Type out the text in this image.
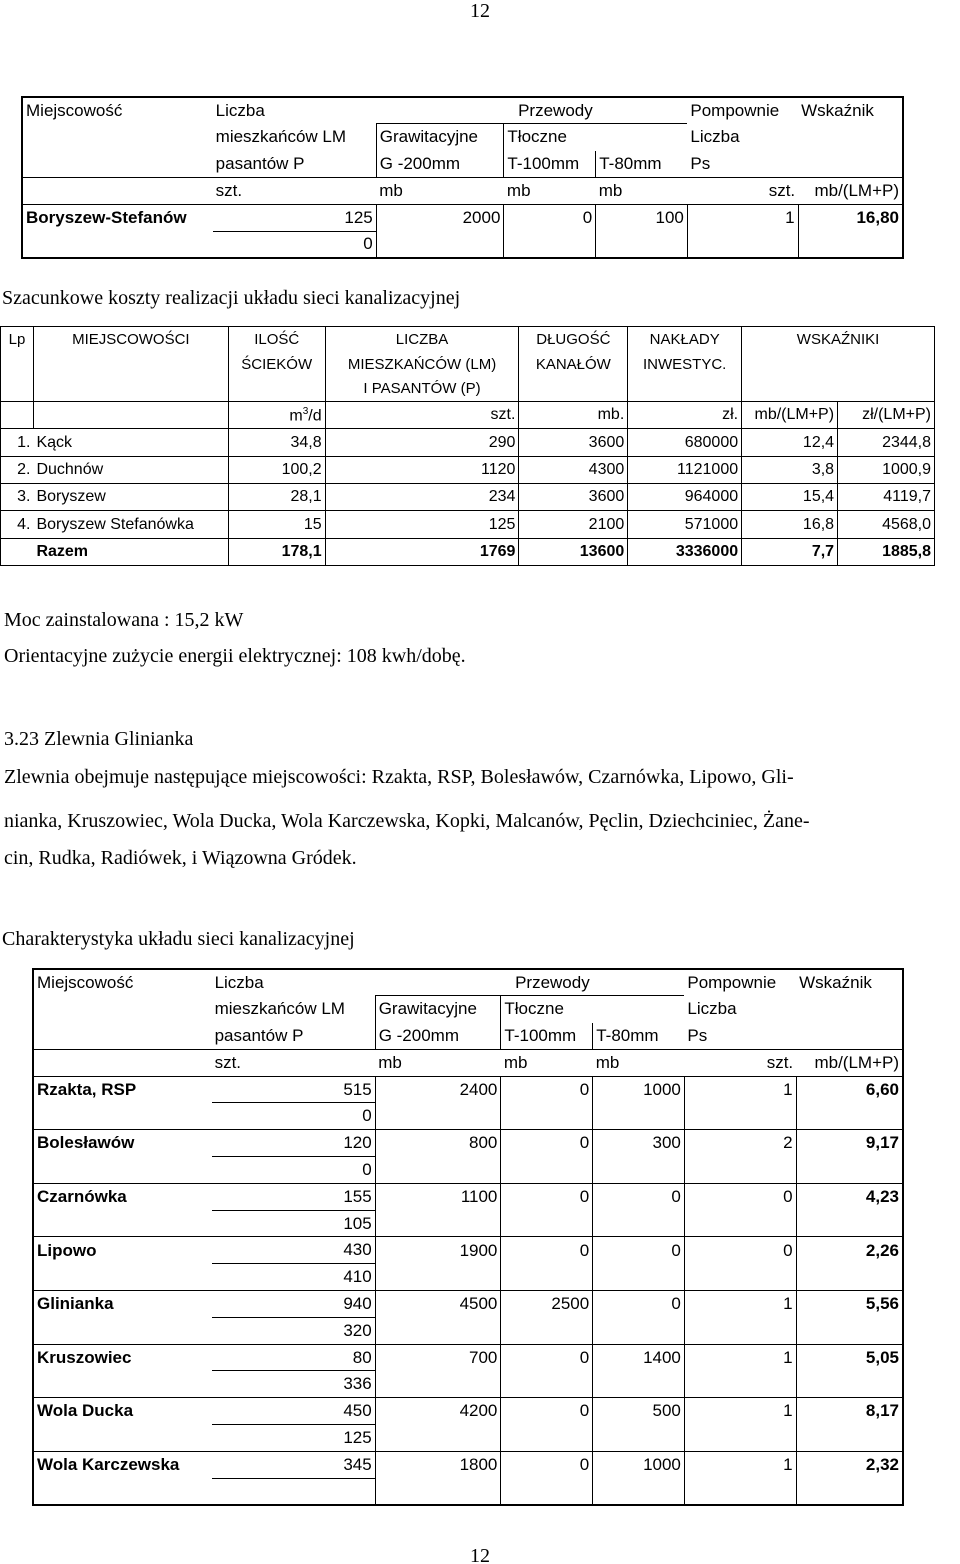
12
Miejscowość	Liczba		Przewody		Pompownie	Wskaźnik
	mieszkańców LM	Grawitacyjne	Tłoczne		Liczba	
	pasantów P	G -200mm	T-100mm	T-80mm	Ps	
	szt.	mb	mb	mb	szt.	mb/(LM+P)
Boryszew-Stefanów	125	2000	0	100	1	16,80
	0					
Szacunkowe koszty realizacji układu sieci kanalizacyjnej
Lp	MIEJSCOWOŚCI	ILOŚĆ	LICZBA	DŁUGOŚĆ	NAKŁADY	WSKAŹNIKI	
		ŚCIEKÓW	MIESZKAŃCÓW (LM)	KANAŁÓW	INWESTYC.		
			I PASANTÓW (P)				
		$m^3/d$	szt.	mb.	zł.	mb/(LM+P)	zł/(LM+P)
1.	Kąck	34,8	290	3600	680000	12,4	2344,8
2.	Duchnów	100,2	1120	4300	1121000	3,8	1000,9
3.	Boryszew	28,1	234	3600	964000	15,4	4119,7
4.	Boryszew Stefanówka	15	125	2100	571000	16,8	4568,0
	Razem	178,1	1769	13600	3336000	7,7	1885,8
Moc zainstalowana : 15,2 kW
Orientacyjne zużycie energii elektrycznej: 108 kwh/dobę.
3.23 Zlewnia Glinianka
Zlewnia obejmuje następujące miejscowości: Rzakta, RSP, Bolesławów, Czarnówka, Lipowo, Gli-
nianka, Kruszowiec, Wola Ducka, Wola Karczewska, Kopki, Malcanów, Pęclin, Dziechciniec, Żane-
cin, Rudka, Radiówek, i Wiązowna Gródek.
Charakterystyka układu sieci kanalizacyjnej
Miejscowość	Liczba		Przewody		Pompownie	Wskaźnik
	mieszkańców LM	Grawitacyjne	Tłoczne		Liczba	
	pasantów P	G -200mm	T-100mm	T-80mm	Ps	
	szt.	mb	mb	mb	szt.	mb/(LM+P)
Rzakta, RSP	515	2400	0	1000	1	6,60
	0					
Bolesławów	120	800	0	300	2	9,17
	0					
Czarnówka	155	1100	0	0	0	4,23
	105					
Lipowo	430	1900	0	0	0	2,26
	410					
Glinianka	940	4500	2500	0	1	5,56
	320					
Kruszowiec	80	700	0	1400	1	5,05
	336					
Wola Ducka	450	4200	0	500	1	8,17
	125					
Wola Karczewska	345	1800	0	1000	1	2,32

12
